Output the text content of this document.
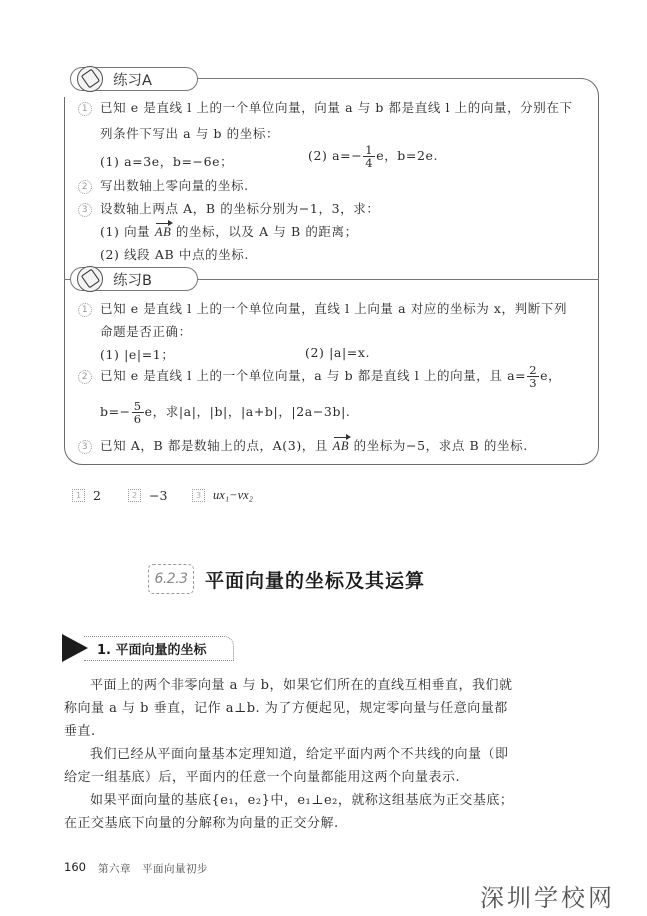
练习A
1 已知 e 是直线 l 上的一个单位向量，向量 a 与 b 都是直线 l 上的向量，分别在下
列条件下写出 a 与 b 的坐标：
(1) a=3e，b=−6e；	(2) $a=- \frac{1}{4}$ e，b=2e.
2 写出数轴上零向量的坐标.
3 设数轴上两点 A，B 的坐标分别为−1，3，求：
(1) 向量 AB 的坐标，以及 A 与 B 的距离；
(2) 线段 AB 中点的坐标.
练习B
1 已知 e 是直线 l 上的一个单位向量，直线 l 上向量 a 对应的坐标为 x，判断下列
命题是否正确：
(1) |e|=1；	(2) |a|=x.
2 已知 e 是直线 l 上的一个单位向量，a 与 b 都是直线 l 上的向量，且 $a= \frac{2}{3}$ e，
$b=- \frac{5}{6}$ e，求|a|，|b|，|a+b|，|2a−3b|.
3 已知 A，B 都是数轴上的点，A(3)，且 AB 的坐标为−5，求点 B 的坐标.
1 2	2 −3	3 ux₁−vx₂
6.2.3 平面向量的坐标及其运算
1. 平面向量的坐标
平面上的两个非零向量 a 与 b，如果它们所在的直线互相垂直，我们就
称向量 a 与 b 垂直，记作 a⊥b. 为了方便起见，规定零向量与任意向量都
垂直.
我们已经从平面向量基本定理知道，给定平面内两个不共线的向量（即
给定一组基底）后，平面内的任意一个向量都能用这两个向量表示.
如果平面向量的基底{e₁，e₂}中，e₁⊥e₂，就称这组基底为正交基底；
在正交基底下向量的分解称为向量的正交分解.
160 第六章　平面向量初步
深圳学校网
